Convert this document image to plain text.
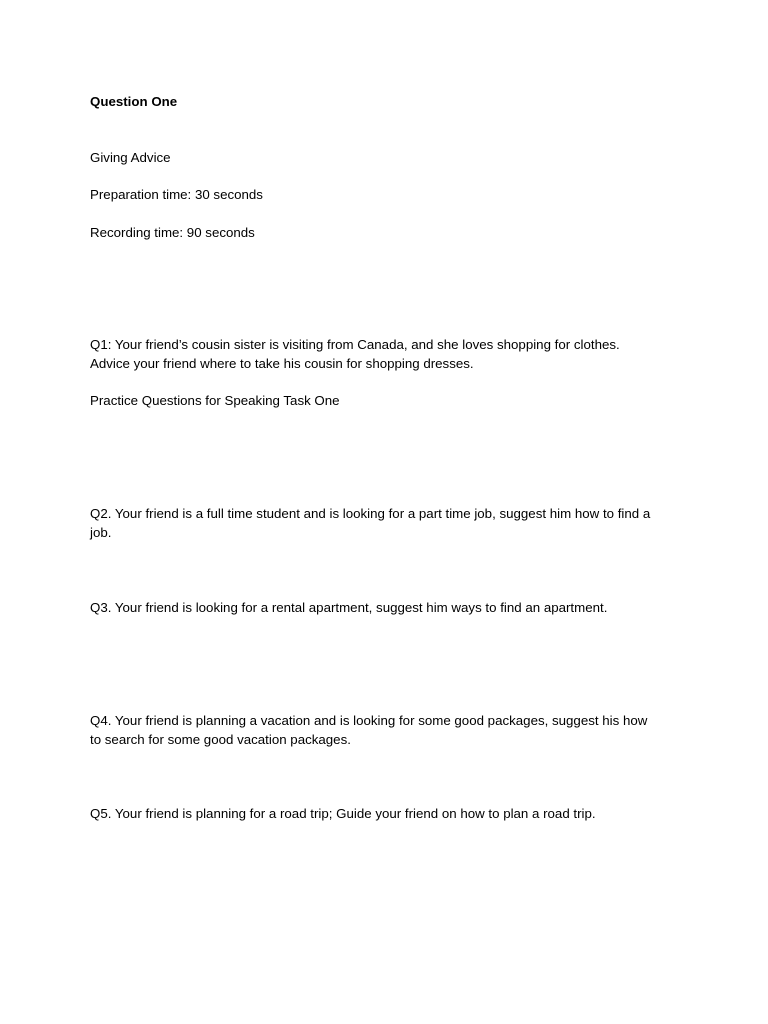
Question One

Giving Advice

Preparation time: 30 seconds

Recording time: 90 seconds

Q1: Your friend’s cousin sister is visiting from Canada, and she loves shopping for clothes.

Advice your friend where to take his cousin for shopping dresses.

Practice Questions for Speaking Task One

Q2. Your friend is a full time student and is looking for a part time job, suggest him how to find a

job.

Q3. Your friend is looking for a rental apartment, suggest him ways to find an apartment.

Q4. Your friend is planning a vacation and is looking for some good packages, suggest his how

to search for some good vacation packages.

Q5. Your friend is planning for a road trip; Guide your friend on how to plan a road trip.
